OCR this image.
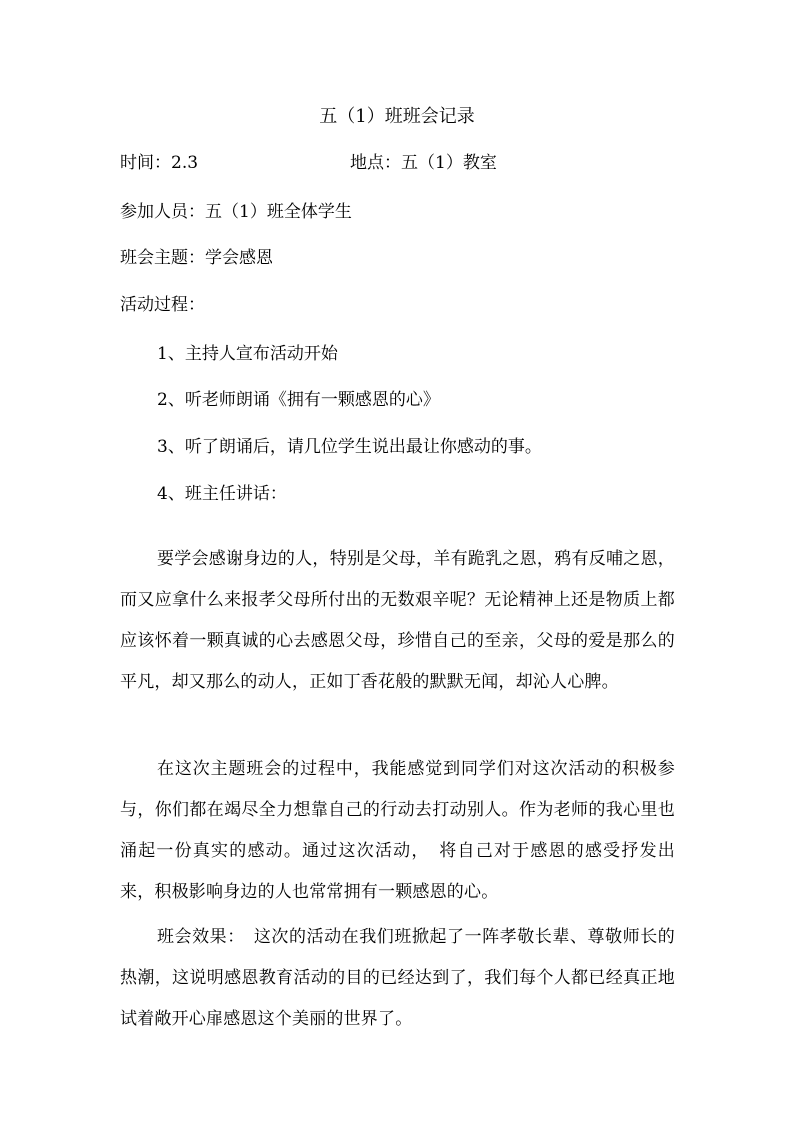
五（1）班班会记录
时间：2.3	地点：五（1）教室
参加人员：五（1）班全体学生
班会主题：学会感恩
活动过程：
1、主持人宣布活动开始
2、听老师朗诵《拥有一颗感恩的心》
3、听了朗诵后，请几位学生说出最让你感动的事。
4、班主任讲话：

要学会感谢身边的人，特别是父母，羊有跪乳之恩，鸦有反哺之恩，而又应拿什么来报孝父母所付出的无数艰辛呢？无论精神上还是物质上都应该怀着一颗真诚的心去感恩父母，珍惜自己的至亲，父母的爱是那么的平凡，却又那么的动人，正如丁香花般的默默无闻，却沁人心脾。

在这次主题班会的过程中，我能感觉到同学们对这次活动的积极参与，你们都在竭尽全力想靠自己的行动去打动别人。作为老师的我心里也涌起一份真实的感动。通过这次活动，　将自己对于感恩的感受抒发出来，积极影响身边的人也常常拥有一颗感恩的心。

班会效果：　这次的活动在我们班掀起了一阵孝敬长辈、尊敬师长的　热潮，这说明感恩教育活动的目的已经达到了，我们每个人都已经真正地试着敞开心扉感恩这个美丽的世界了。
